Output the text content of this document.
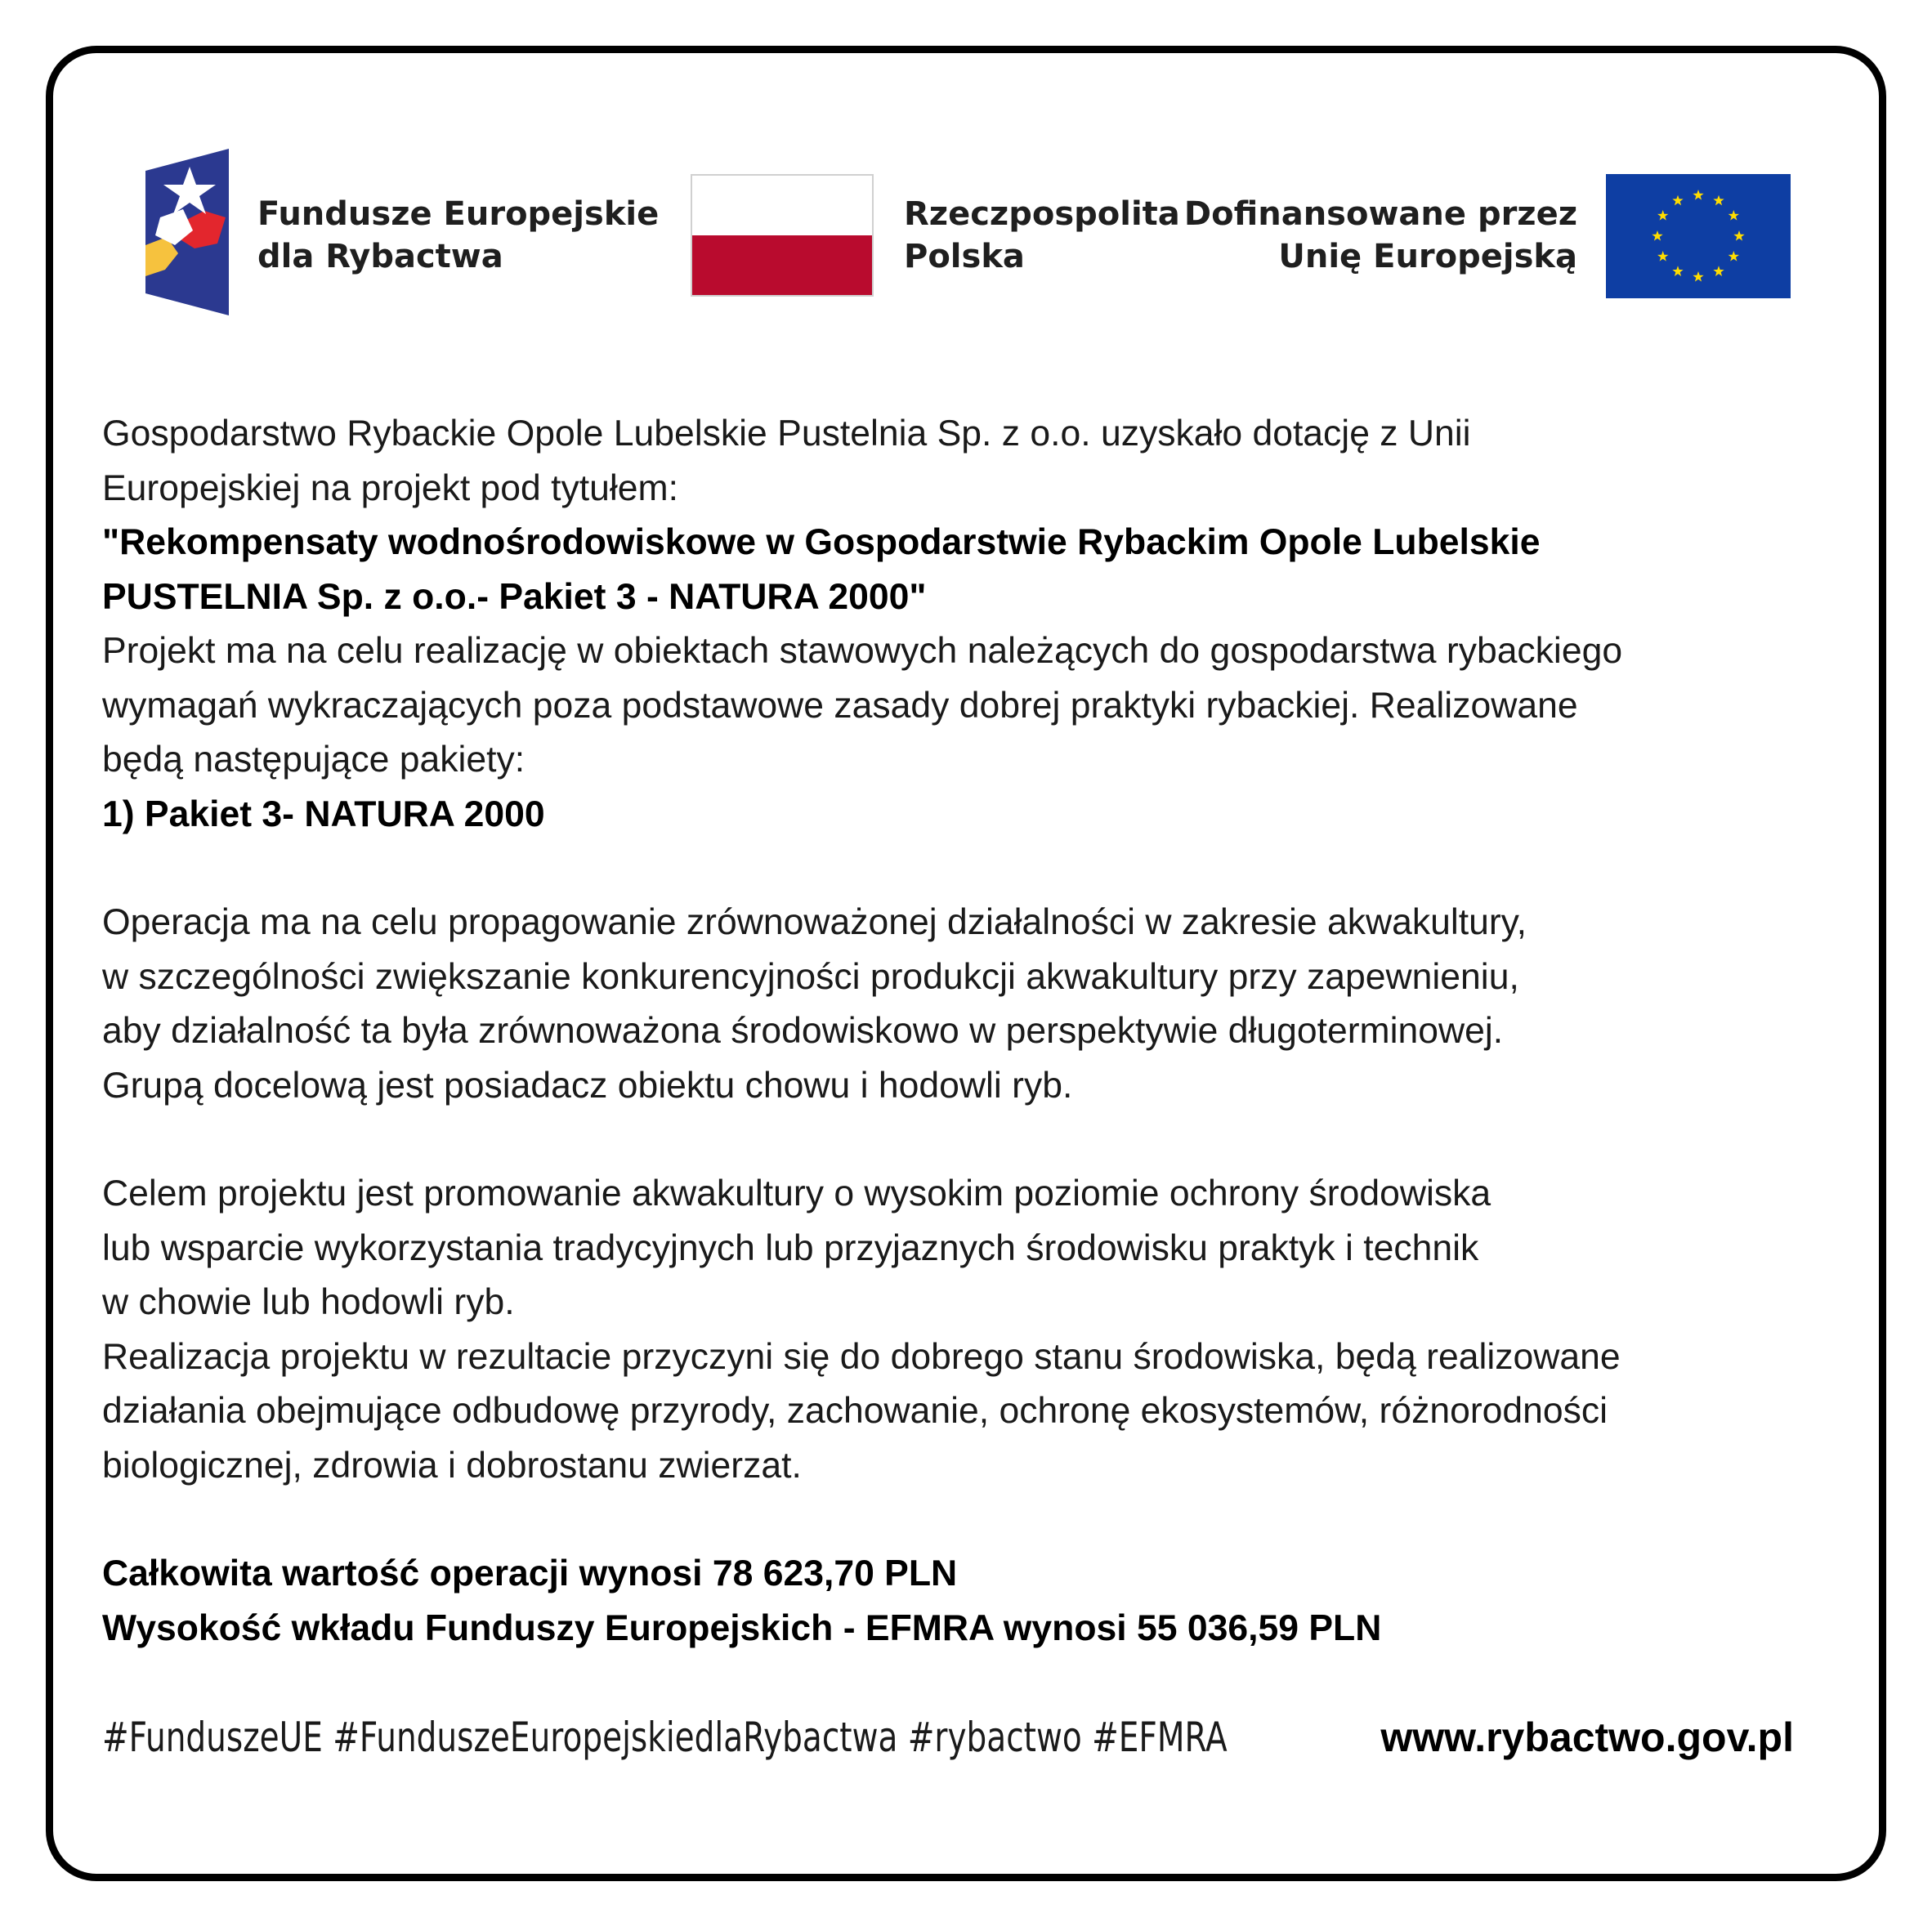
Fundusze Europejskie
dla Rybactwa
Rzeczpospolita
Polska
Dofinansowane przez
Unię Europejską

Gospodarstwo Rybackie Opole Lubelskie Pustelnia Sp. z o.o. uzyskało dotację z Unii

Europejskiej na projekt pod tytułem:

"Rekompensaty wodnośrodowiskowe w Gospodarstwie Rybackim Opole Lubelskie

PUSTELNIA Sp. z o.o.- Pakiet 3 - NATURA 2000"

Projekt ma na celu realizację w obiektach stawowych należących do gospodarstwa rybackiego

wymagań wykraczających poza podstawowe zasady dobrej praktyki rybackiej. Realizowane

będą następujące pakiety:

1) Pakiet 3- NATURA 2000

Operacja ma na celu propagowanie zrównoważonej działalności w zakresie akwakultury,

w szczególności zwiększanie konkurencyjności produkcji akwakultury przy zapewnieniu,

aby działalność ta była zrównoważona środowiskowo w perspektywie długoterminowej.

Grupą docelową jest posiadacz obiektu chowu i hodowli ryb.

Celem projektu jest promowanie akwakultury o wysokim poziomie ochrony środowiska

lub wsparcie wykorzystania tradycyjnych lub przyjaznych środowisku praktyk i technik

w chowie lub hodowli ryb.

Realizacja projektu w rezultacie przyczyni się do dobrego stanu środowiska, będą realizowane

działania obejmujące odbudowę przyrody, zachowanie, ochronę ekosystemów, różnorodności

biologicznej, zdrowia i dobrostanu zwierzat.

Całkowita wartość operacji wynosi 78 623,70 PLN

Wysokość wkładu Funduszy Europejskich - EFMRA wynosi 55 036,59 PLN

#FunduszeUE #FunduszeEuropejskiedlaRybactwa #rybactwo #EFMRA	www.rybactwo.gov.pl
